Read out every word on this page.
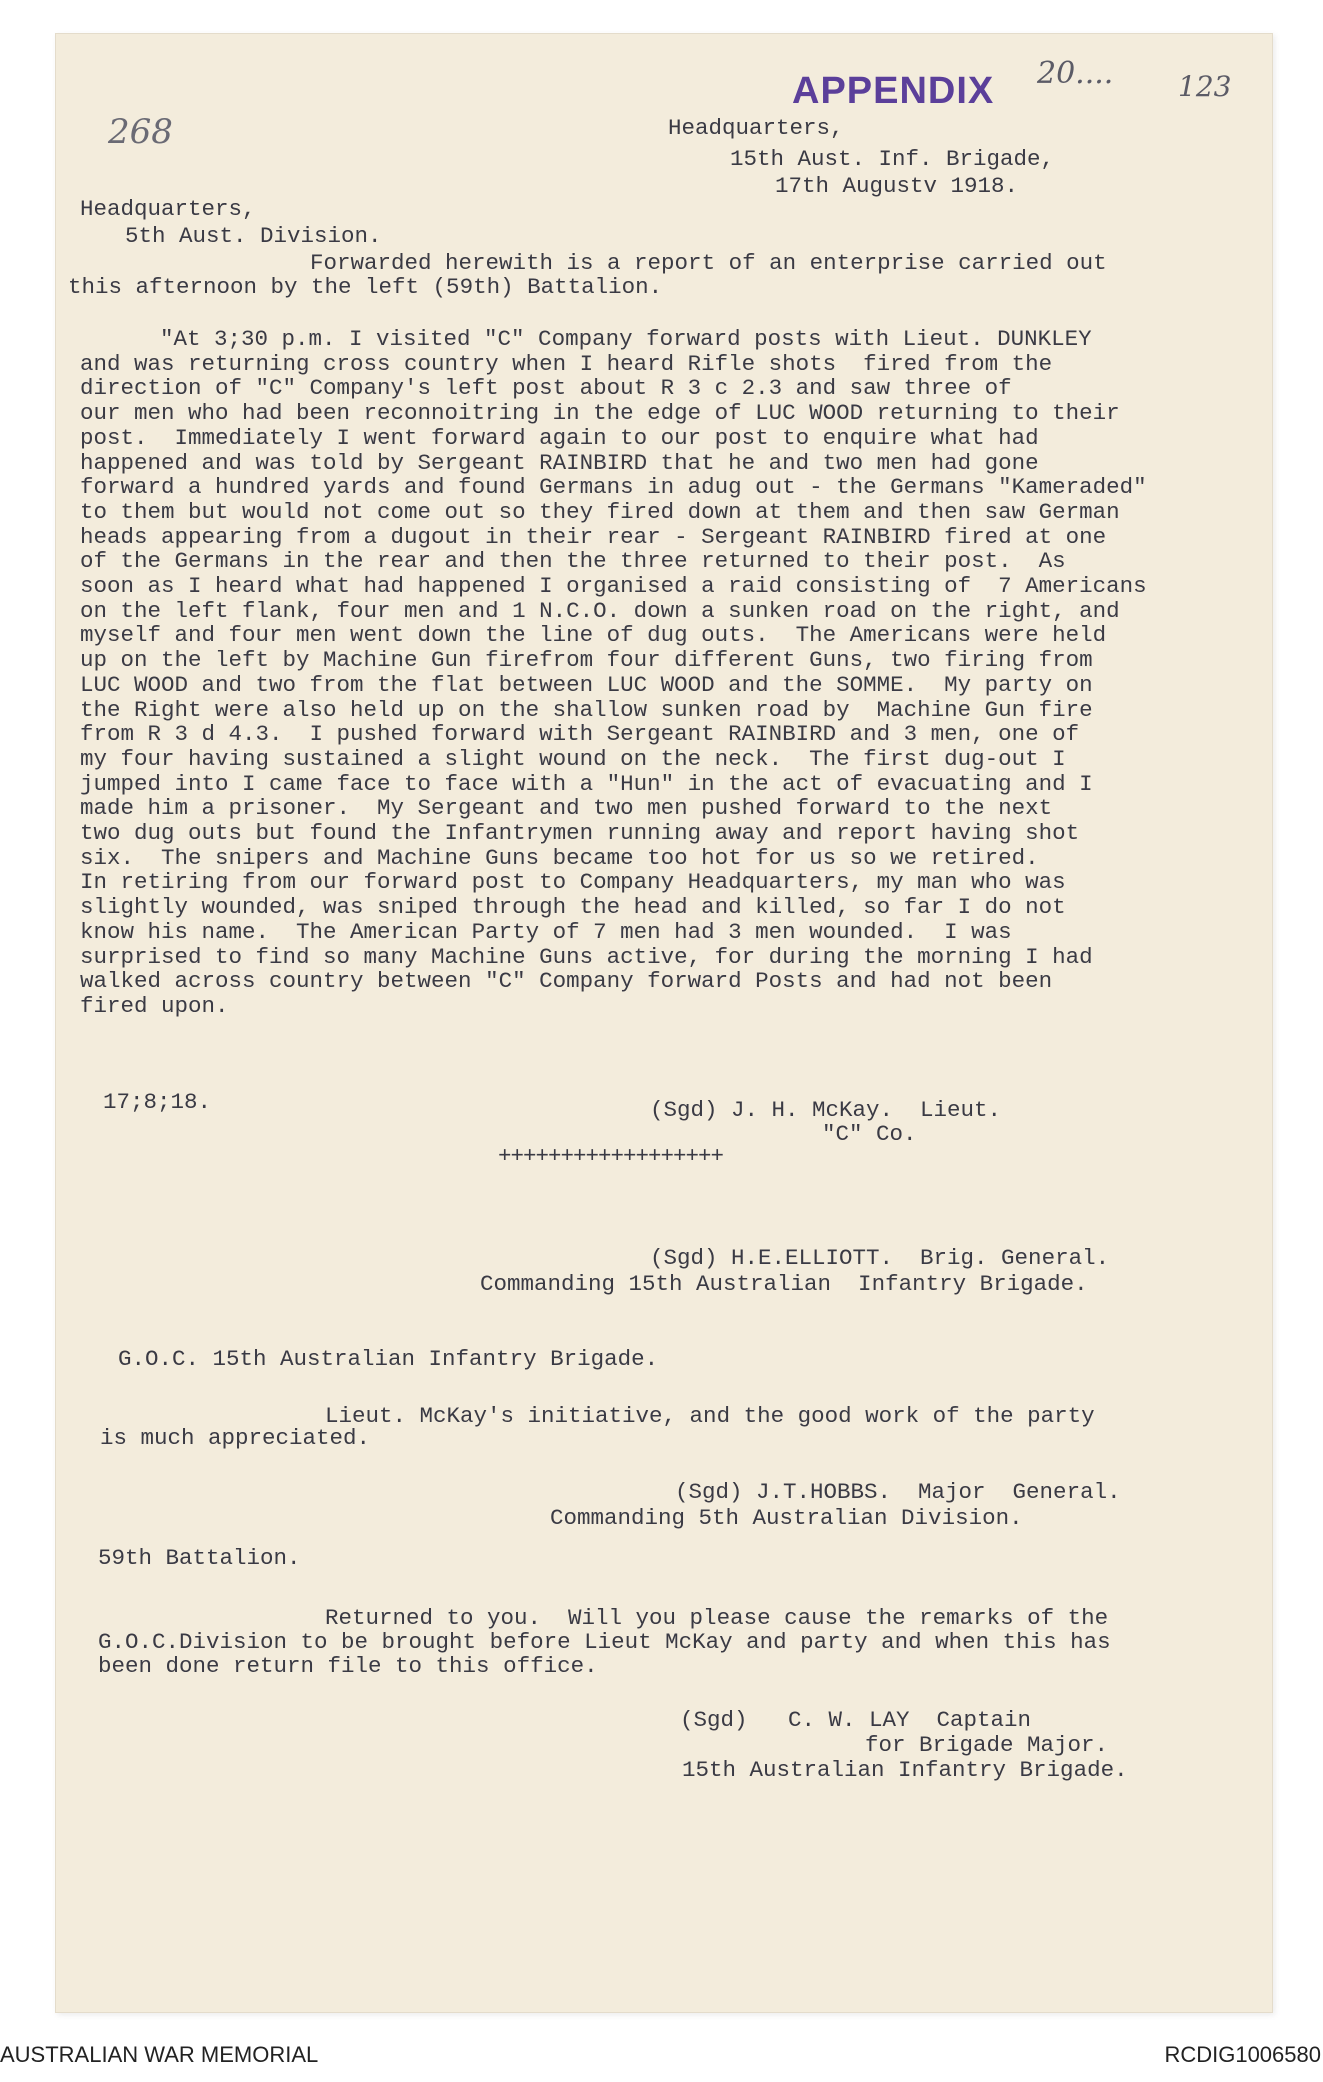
268
APPENDIX 20.... 123
Headquarters,
15th Aust. Inf. Brigade,
17th Augustv 1918.
Headquarters,
5th Aust. Division.
Forwarded herewith is a report of an enterprise carried out
this afternoon by the left (59th) Battalion.
"At 3;30 p.m. I visited "C" Company forward posts with Lieut. DUNKLEY
and was returning cross country when I heard Rifle shots  fired from the
direction of "C" Company's left post about R 3 c 2.3 and saw three of
our men who had been reconnoitring in the edge of LUC WOOD returning to their
post.  Immediately I went forward again to our post to enquire what had
happened and was told by Sergeant RAINBIRD that he and two men had gone
forward a hundred yards and found Germans in adug out - the Germans "Kameraded"
to them but would not come out so they fired down at them and then saw German
heads appearing from a dugout in their rear - Sergeant RAINBIRD fired at one
of the Germans in the rear and then the three returned to their post.  As
soon as I heard what had happened I organised a raid consisting of  7 Americans
on the left flank, four men and 1 N.C.O. down a sunken road on the right, and
myself and four men went down the line of dug outs.  The Americans were held
up on the left by Machine Gun firefrom four different Guns, two firing from
LUC WOOD and two from the flat between LUC WOOD and the SOMME.  My party on
the Right were also held up on the shallow sunken road by  Machine Gun fire
from R 3 d 4.3.  I pushed forward with Sergeant RAINBIRD and 3 men, one of
my four having sustained a slight wound on the neck.  The first dug-out I
jumped into I came face to face with a "Hun" in the act of evacuating and I
made him a prisoner.  My Sergeant and two men pushed forward to the next
two dug outs but found the Infantrymen running away and report having shot
six.  The snipers and Machine Guns became too hot for us so we retired.
In retiring from our forward post to Company Headquarters, my man who was
slightly wounded, was sniped through the head and killed, so far I do not
know his name.  The American Party of 7 men had 3 men wounded.  I was
surprised to find so many Machine Guns active, for during the morning I had
walked across country between "C" Company forward Posts and had not been
fired upon.
17;8;18.	(Sgd) J. H. McKay.  Lieut.
"C" Co.
++++++++++++++++++
(Sgd) H.E.ELLIOTT.  Brig. General.
Commanding 15th Australian  Infantry Brigade.
G.O.C. 15th Australian Infantry Brigade.
Lieut. McKay's initiative, and the good work of the party
is much appreciated.
(Sgd) J.T.HOBBS.  Major  General.
Commanding 5th Australian Division.
59th Battalion.
Returned to you.  Will you please cause the remarks of the
G.O.C.Division to be brought before Lieut McKay and party and when this has
been done return file to this office.
(Sgd)   C. W. LAY  Captain
for Brigade Major.
15th Australian Infantry Brigade.
AUSTRALIAN WAR MEMORIAL	RCDIG1006580
